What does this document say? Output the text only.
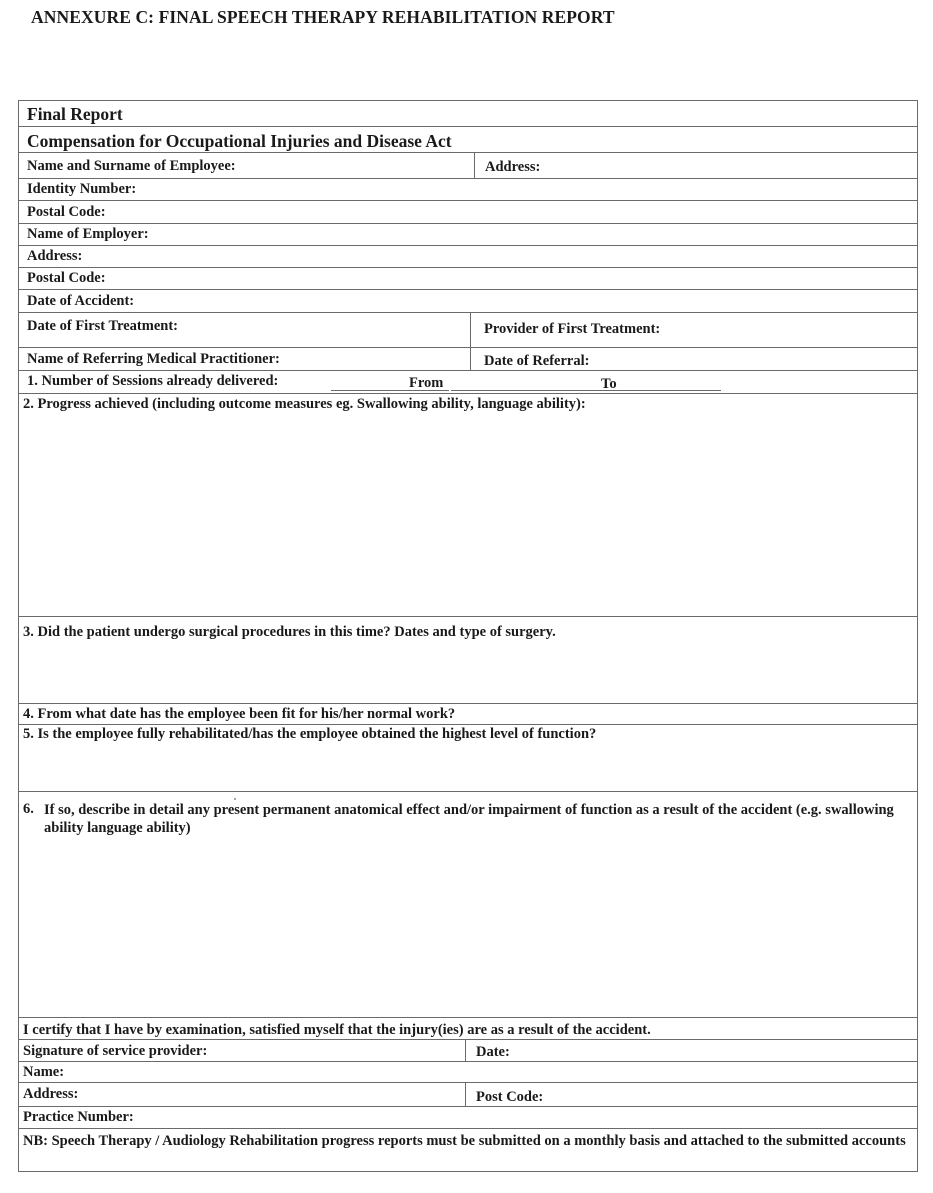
ANNEXURE C: FINAL SPEECH THERAPY REHABILITATION REPORT
Final Report
Compensation for Occupational Injuries and Disease Act
Name and Surname of Employee:	Address:
Identity Number:
Postal Code:
Name of Employer:
Address:
Postal Code:
Date of Accident:
Date of First Treatment:	Provider of First Treatment:
Name of Referring Medical Practitioner:	Date of Referral:
1. Number of Sessions already delivered:	From	To
2. Progress achieved (including outcome measures eg. Swallowing ability, language ability):
3. Did the patient undergo surgical procedures in this time? Dates and type of surgery.
4. From what date has the employee been fit for his/her normal work?
5. Is the employee fully rehabilitated/has the employee obtained the highest level of function?
6. If so, describe in detail any present permanent anatomical effect and/or impairment of function as a result of the accident (e.g. swallowing ability language ability)
I certify that I have by examination, satisfied myself that the injury(ies) are as a result of the accident.
Signature of service provider:	Date:
Name:
Address:	Post Code:
Practice Number:
NB: Speech Therapy / Audiology Rehabilitation progress reports must be submitted on a monthly basis and attached to the submitted accounts
